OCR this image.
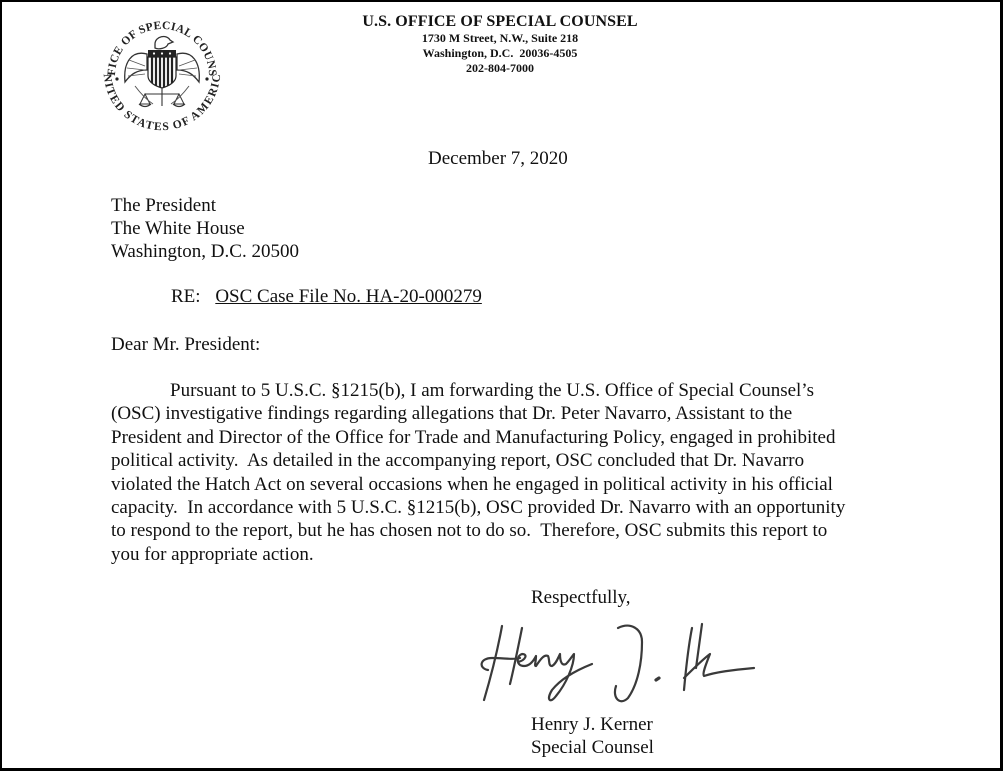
FICE OF SPECIAL COUNS
NITED STATES OF AMERIC
U.S. OFFICE OF SPECIAL COUNSEL
1730 M Street, N.W., Suite 218
Washington, D.C.  20036-4505
202-804-7000
December 7, 2020
The President
The White House
Washington, D.C. 20500
RE: OSC Case File No. HA-20-000279
Dear Mr. President:
Pursuant to 5 U.S.C. §1215(b), I am forwarding the U.S. Office of Special Counsel’s
(OSC) investigative findings regarding allegations that Dr. Peter Navarro, Assistant to the
President and Director of the Office for Trade and Manufacturing Policy, engaged in prohibited
political activity.  As detailed in the accompanying report, OSC concluded that Dr. Navarro
violated the Hatch Act on several occasions when he engaged in political activity in his official
capacity.  In accordance with 5 U.S.C. §1215(b), OSC provided Dr. Navarro with an opportunity
to respond to the report, but he has chosen not to do so.  Therefore, OSC submits this report to
you for appropriate action.
Respectfully,
Henry J. Kerner
Special Counsel
